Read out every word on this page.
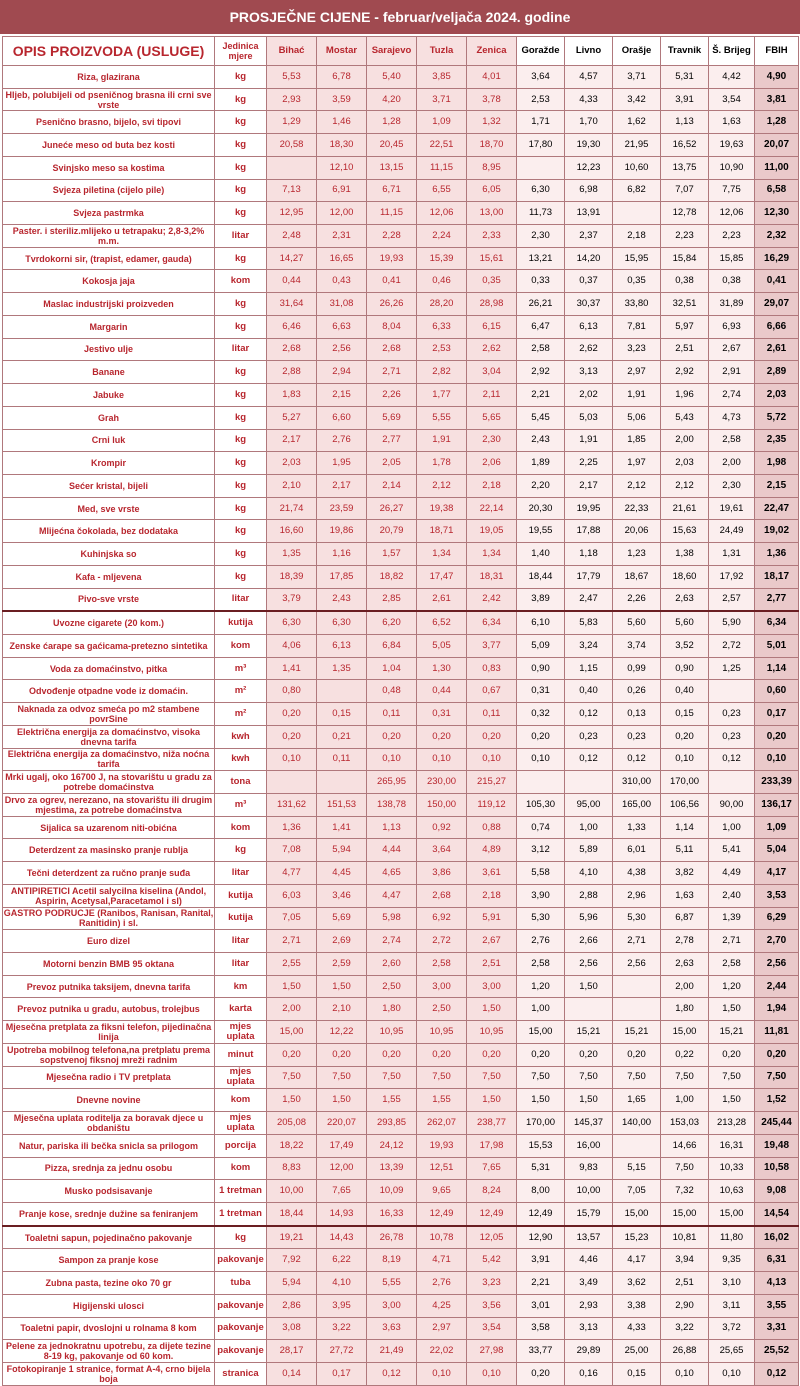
PROSJEČNE CIJENE - februar/veljača 2024. godine
OPIS PROIZVODA (USLUGE)	Jedinica mjere	Bihać	Mostar	Sarajevo	Tuzla	Zenica	Goražde	Livno	Orašje	Travnik	Š. Brijeg	FBIH
Riza, glazirana	kg	5,53	6,78	5,40	3,85	4,01	3,64	4,57	3,71	5,31	4,42	4,90
Hljeb, polubijeli od pseničnog brasna ili crni sve vrste	kg	2,93	3,59	4,20	3,71	3,78	2,53	4,33	3,42	3,91	3,54	3,81
Psenično brasno, bijelo, svi tipovi	kg	1,29	1,46	1,28	1,09	1,32	1,71	1,70	1,62	1,13	1,63	1,28
Juneće meso od buta bez kosti	kg	20,58	18,30	20,45	22,51	18,70	17,80	19,30	21,95	16,52	19,63	20,07
Svinjsko meso sa kostima	kg		12,10	13,15	11,15	8,95		12,23	10,60	13,75	10,90	11,00
Svjeza piletina (cijelo pile)	kg	7,13	6,91	6,71	6,55	6,05	6,30	6,98	6,82	7,07	7,75	6,58
Svjeza pastrmka	kg	12,95	12,00	11,15	12,06	13,00	11,73	13,91		12,78	12,06	12,30
Paster. i steriliz.mlijeko u tetrapaku; 2,8-3,2% m.m.	litar	2,48	2,31	2,28	2,24	2,33	2,30	2,37	2,18	2,23	2,23	2,32
Tvrdokorni sir, (trapist, edamer, gauda)	kg	14,27	16,65	19,93	15,39	15,61	13,21	14,20	15,95	15,84	15,85	16,29
Kokosja jaja	kom	0,44	0,43	0,41	0,46	0,35	0,33	0,37	0,35	0,38	0,38	0,41
Maslac industrijski proizveden	kg	31,64	31,08	26,26	28,20	28,98	26,21	30,37	33,80	32,51	31,89	29,07
Margarin	kg	6,46	6,63	8,04	6,33	6,15	6,47	6,13	7,81	5,97	6,93	6,66
Jestivo ulje	litar	2,68	2,56	2,68	2,53	2,62	2,58	2,62	3,23	2,51	2,67	2,61
Banane	kg	2,88	2,94	2,71	2,82	3,04	2,92	3,13	2,97	2,92	2,91	2,89
Jabuke	kg	1,83	2,15	2,26	1,77	2,11	2,21	2,02	1,91	1,96	2,74	2,03
Grah	kg	5,27	6,60	5,69	5,55	5,65	5,45	5,03	5,06	5,43	4,73	5,72
Crni luk	kg	2,17	2,76	2,77	1,91	2,30	2,43	1,91	1,85	2,00	2,58	2,35
Krompir	kg	2,03	1,95	2,05	1,78	2,06	1,89	2,25	1,97	2,03	2,00	1,98
Sećer kristal, bijeli	kg	2,10	2,17	2,14	2,12	2,18	2,20	2,17	2,12	2,12	2,30	2,15
Med, sve vrste	kg	21,74	23,59	26,27	19,38	22,14	20,30	19,95	22,33	21,61	19,61	22,47
Mlijećna čokolada, bez dodataka	kg	16,60	19,86	20,79	18,71	19,05	19,55	17,88	20,06	15,63	24,49	19,02
Kuhinjska so	kg	1,35	1,16	1,57	1,34	1,34	1,40	1,18	1,23	1,38	1,31	1,36
Kafa - mljevena	kg	18,39	17,85	18,82	17,47	18,31	18,44	17,79	18,67	18,60	17,92	18,17
Pivo-sve vrste	litar	3,79	2,43	2,85	2,61	2,42	3,89	2,47	2,26	2,63	2,57	2,77
Uvozne cigarete (20 kom.)	kutija	6,30	6,30	6,20	6,52	6,34	6,10	5,83	5,60	5,60	5,90	6,34
Zenske ćarape sa gaćicama-pretezno sintetika	kom	4,06	6,13	6,84	5,05	3,77	5,09	3,24	3,74	3,52	2,72	5,01
Voda za domaćinstvo, pitka	m³	1,41	1,35	1,04	1,30	0,83	0,90	1,15	0,99	0,90	1,25	1,14
Odvođenje otpadne vode iz domaćin.	m²	0,80		0,48	0,44	0,67	0,31	0,40	0,26	0,40		0,60
Naknada za odvoz smeća po m2 stambene povrSine	m²	0,20	0,15	0,11	0,31	0,11	0,32	0,12	0,13	0,15	0,23	0,17
Električna energija za domaćinstvo, visoka dnevna tarifa	kwh	0,20	0,21	0,20	0,20	0,20	0,20	0,23	0,23	0,20	0,23	0,20
Električna energija za domaćinstvo, niža noćna tarifa	kwh	0,10	0,11	0,10	0,10	0,10	0,10	0,12	0,12	0,10	0,12	0,10
Mrki ugalj, oko 16700 J, na stovarištu u gradu za potrebe domaćinstva	tona			265,95	230,00	215,27			310,00	170,00		233,39
Drvo za ogrev, nerezano, na stovarištu ili drugim mjestima, za potrebe domaćinstva	m³	131,62	151,53	138,78	150,00	119,12	105,30	95,00	165,00	106,56	90,00	136,17
Sijalica sa uzarenom niti-obićna	kom	1,36	1,41	1,13	0,92	0,88	0,74	1,00	1,33	1,14	1,00	1,09
Deterdzent za masinsko pranje rublja	kg	7,08	5,94	4,44	3,64	4,89	3,12	5,89	6,01	5,11	5,41	5,04
Tečni deterdzent za ručno pranje suđa	litar	4,77	4,45	4,65	3,86	3,61	5,58	4,10	4,38	3,82	4,49	4,17
ANTIPIRETICI Acetil salycilna kiselina (Andol, Aspirin, Acetysal,Paracetamol i sl)	kutija	6,03	3,46	4,47	2,68	2,18	3,90	2,88	2,96	1,63	2,40	3,53
GASTRO PODRUCJE (Ranibos, Ranisan, Ranital, Ranitidin) i sl.	kutija	7,05	5,69	5,98	6,92	5,91	5,30	5,96	5,30	6,87	1,39	6,29
Euro dizel	litar	2,71	2,69	2,74	2,72	2,67	2,76	2,66	2,71	2,78	2,71	2,70
Motorni benzin BMB 95 oktana	litar	2,55	2,59	2,60	2,58	2,51	2,58	2,56	2,56	2,63	2,58	2,56
Prevoz putnika taksijem, dnevna tarifa	km	1,50	1,50	2,50	3,00	3,00	1,20	1,50		2,00	1,20	2,44
Prevoz putnika u gradu, autobus, trolejbus	karta	2,00	2,10	1,80	2,50	1,50	1,00			1,80	1,50	1,94
Mjesečna pretplata za fiksni telefon, pijedinačna linija	mjes uplata	15,00	12,22	10,95	10,95	10,95	15,00	15,21	15,21	15,00	15,21	11,81
Upotreba mobilnog telefona,na pretplatu prema sopstvenoj fiksnoj mreži radnim	minut	0,20	0,20	0,20	0,20	0,20	0,20	0,20	0,20	0,22	0,20	0,20
Mjesečna radio i TV pretplata	mjes uplata	7,50	7,50	7,50	7,50	7,50	7,50	7,50	7,50	7,50	7,50	7,50
Dnevne novine	kom	1,50	1,50	1,55	1,55	1,50	1,50	1,50	1,65	1,00	1,50	1,52
Mjesečna uplata roditelja za boravak djece u obdaništu	mjes uplata	205,08	220,07	293,85	262,07	238,77	170,00	145,37	140,00	153,03	213,28	245,44
Natur, pariska ili bečka snicla sa prilogom	porcija	18,22	17,49	24,12	19,93	17,98	15,53	16,00		14,66	16,31	19,48
Pizza, srednja za jednu osobu	kom	8,83	12,00	13,39	12,51	7,65	5,31	9,83	5,15	7,50	10,33	10,58
Musko podsisavanje	1 tretman	10,00	7,65	10,09	9,65	8,24	8,00	10,00	7,05	7,32	10,63	9,08
Pranje kose, srednje dužine sa feniranjem	1 tretman	18,44	14,93	16,33	12,49	12,49	12,49	15,79	15,00	15,00	15,00	14,54
Toaletni sapun, pojedinačno pakovanje	kg	19,21	14,43	26,78	10,78	12,05	12,90	13,57	15,23	10,81	11,80	16,02
Sampon za pranje kose	pakovanje	7,92	6,22	8,19	4,71	5,42	3,91	4,46	4,17	3,94	9,35	6,31
Zubna pasta, tezine oko 70 gr	tuba	5,94	4,10	5,55	2,76	3,23	2,21	3,49	3,62	2,51	3,10	4,13
Higijenski ulosci	pakovanje	2,86	3,95	3,00	4,25	3,56	3,01	2,93	3,38	2,90	3,11	3,55
Toaletni papir, dvoslojni u rolnama 8 kom	pakovanje	3,08	3,22	3,63	2,97	3,54	3,58	3,13	4,33	3,22	3,72	3,31
Pelene za jednokratnu upotrebu, za dijete tezine 8-19 kg, pakovanje od 60 kom.	pakovanje	28,17	27,72	21,49	22,02	27,98	33,77	29,89	25,00	26,88	25,65	25,52
Fotokopiranje 1 stranice, format A-4, crno bijela boja	stranica	0,14	0,17	0,12	0,10	0,10	0,20	0,16	0,15	0,10	0,10	0,12
